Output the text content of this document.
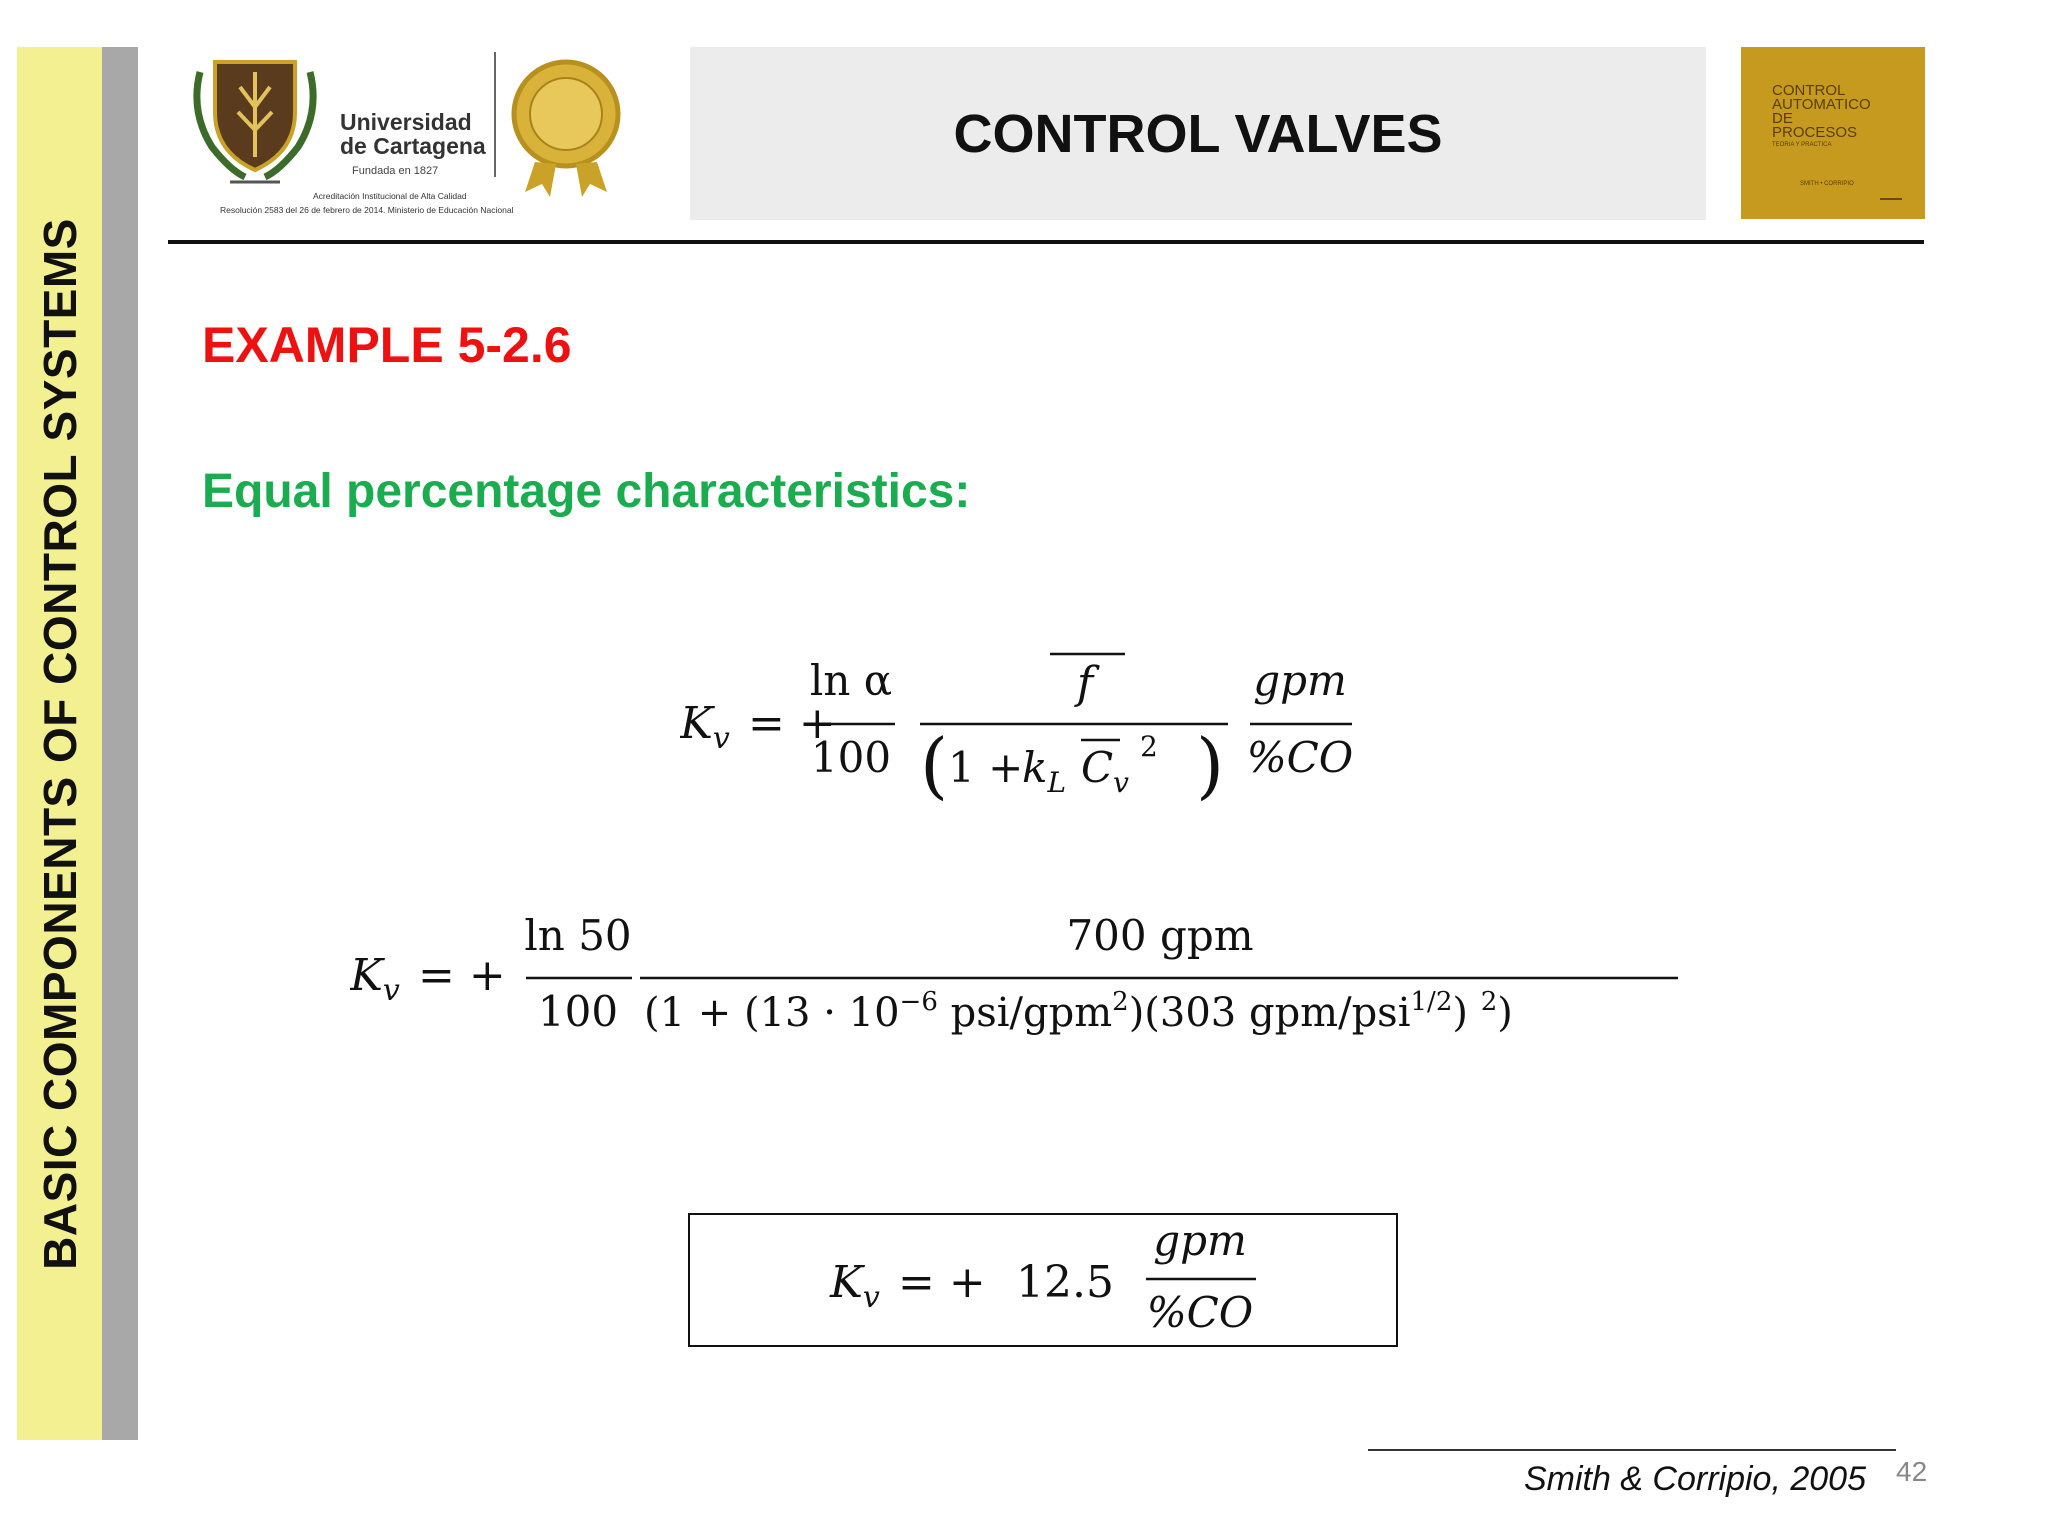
BASIC COMPONENTS OF CONTROL SYSTEMS
Universidad
de Cartagena
Fundada en 1827
Acreditación Institucional de Alta Calidad
Resolución 2583 del 26 de febrero de 2014. Ministerio de Educación Nacional
CONTROL VALVES
CONTROL
AUTOMATICO
DE
PROCESOS
TEORIA Y PRACTICA
SMITH • CORRIPIO
EXAMPLE 5-2.6
Equal percentage characteristics:
$K_v$ = +
ln α
100
f
( 1 +
$k_L$ $C_v$
2 )
gpm
%CO
$K_v$ = +
ln 50
100
700 gpm
($1 + (13 \cdot 10^{-6}$ psi/gpm$^2$)(303 gpm/psi$^{1/2}$) $^2$)
$K_v$ = + 12.5
gpm
%CO
Smith & Corripio, 2005 42
